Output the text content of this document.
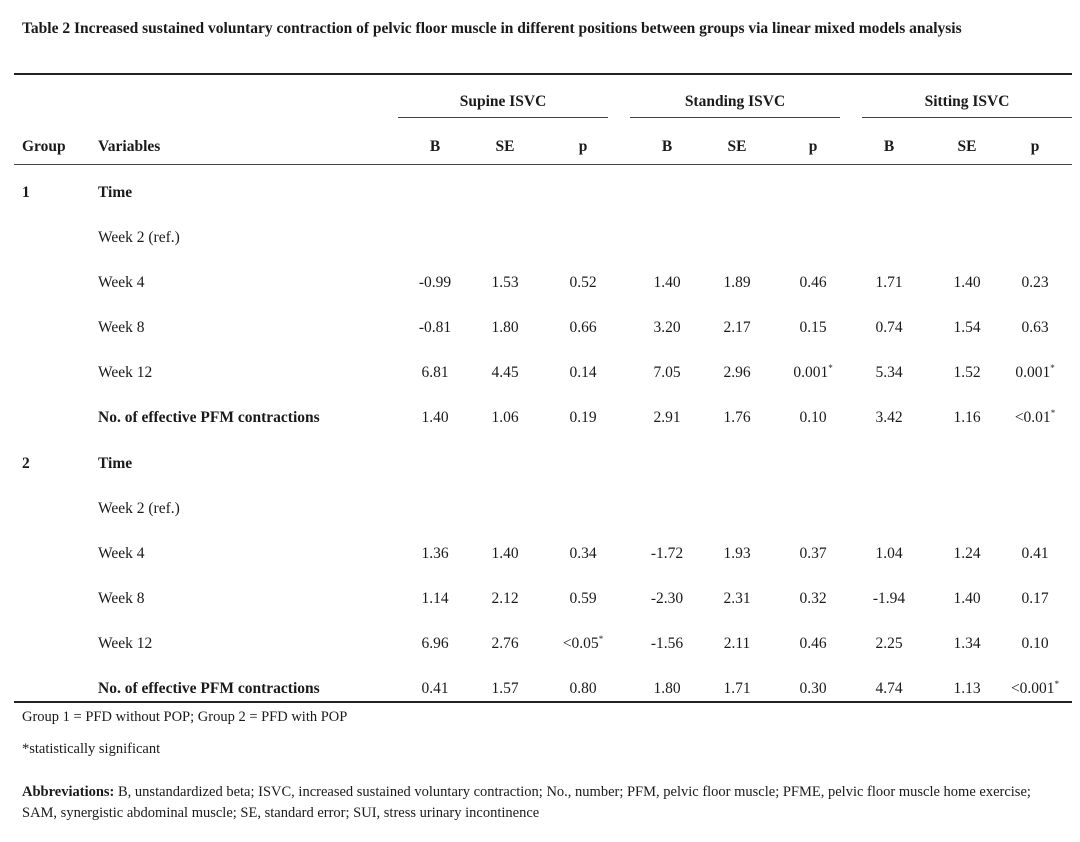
Table 2 Increased sustained voluntary contraction of pelvic floor muscle in different positions between groups via linear mixed models analysis
Supine ISVC	Standing ISVC	Sitting ISVC
Group Variables	B	SE	p	B	SE	p	B	SE	p
1	Time
Week 2 (ref.)
Week 4	-0.99	1.53	0.52	1.40	1.89	0.46	1.71	1.40	0.23
Week 8	-0.81	1.80	0.66	3.20	2.17	0.15	0.74	1.54	0.63
Week 12	6.81	4.45	0.14	7.05	2.96	0.001*	5.34	1.52	0.001*
No. of effective PFM contractions	1.40	1.06	0.19	2.91	1.76	0.10	3.42	1.16	<0.01*
2	Time
Week 2 (ref.)
Week 4	1.36	1.40	0.34	-1.72	1.93	0.37	1.04	1.24	0.41
Week 8	1.14	2.12	0.59	-2.30	2.31	0.32	-1.94	1.40	0.17
Week 12	6.96	2.76	<0.05*	-1.56	2.11	0.46	2.25	1.34	0.10
No. of effective PFM contractions	0.41	1.57	0.80	1.80	1.71	0.30	4.74	1.13	<0.001*
Group 1 = PFD without POP; Group 2 = PFD with POP
*statistically significant
Abbreviations: B, unstandardized beta; ISVC, increased sustained voluntary contraction; No., number; PFM, pelvic floor muscle; PFME, pelvic floor muscle home exercise; SAM, synergistic abdominal muscle; SE, standard error; SUI, stress urinary incontinence
